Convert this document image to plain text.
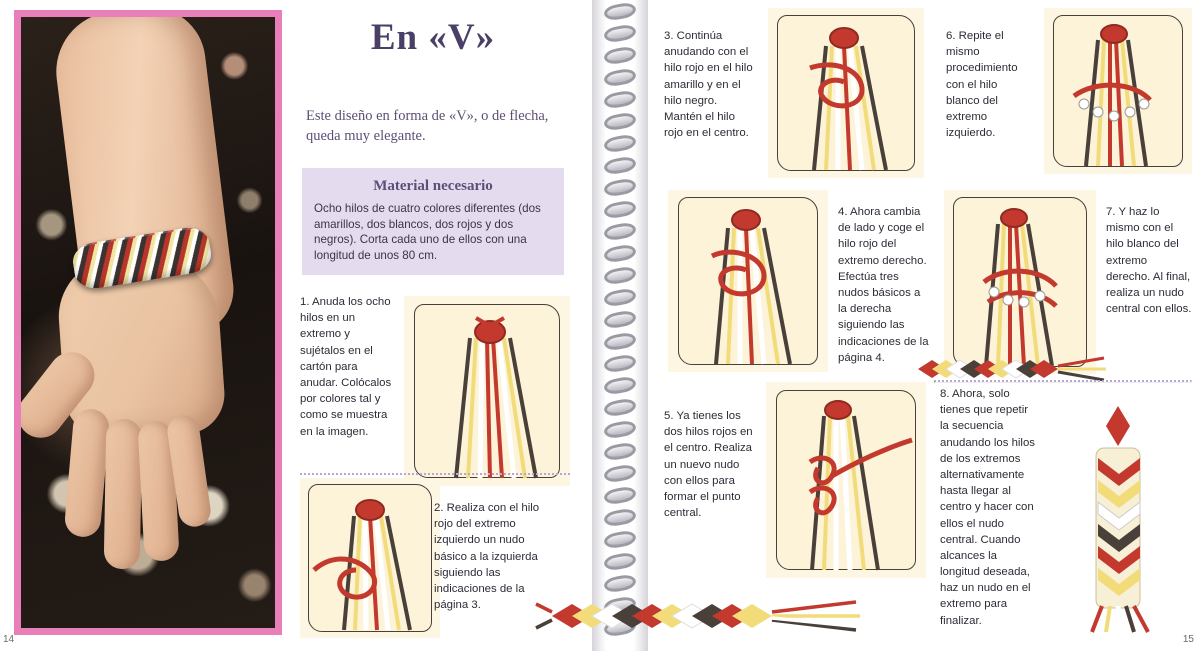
14
En «V»
Este diseño en forma de «V», o de flecha, queda muy elegante.
Material necesario
Ocho hilos de cuatro colores diferentes (dos amarillos, dos blancos, dos rojos y dos negros). Corta cada uno de ellos con una longitud de unos 80 cm.
1. Anuda los ocho hilos en un extremo y sujétalos en el cartón para anudar. Colócalos por colores tal y como se muestra en la imagen.
2. Realiza con el hilo rojo del extremo izquierdo un nudo básico a la izquierda siguiendo las indicaciones de la página 3.
3. Continúa anudando con el hilo rojo en el hilo amarillo y en el hilo negro. Mantén el hilo rojo en el centro.
6. Repite el mismo procedimiento con el hilo blanco del extremo izquierdo.
4. Ahora cambia de lado y coge el hilo rojo del extremo derecho. Efectúa tres nudos básicos a la derecha siguiendo las indicaciones de la página 4.
7. Y haz lo mismo con el hilo blanco del extremo derecho. Al final, realiza un nudo central con ellos.
5. Ya tienes los dos hilos rojos en el centro. Realiza un nuevo nudo con ellos para formar el punto central.
8. Ahora, solo tienes que repetir la secuencia anudando los hilos de los extremos alternativamente hasta llegar al centro y hacer con ellos el nudo central. Cuando alcances la longitud deseada, haz un nudo en el extremo para finalizar.
15
